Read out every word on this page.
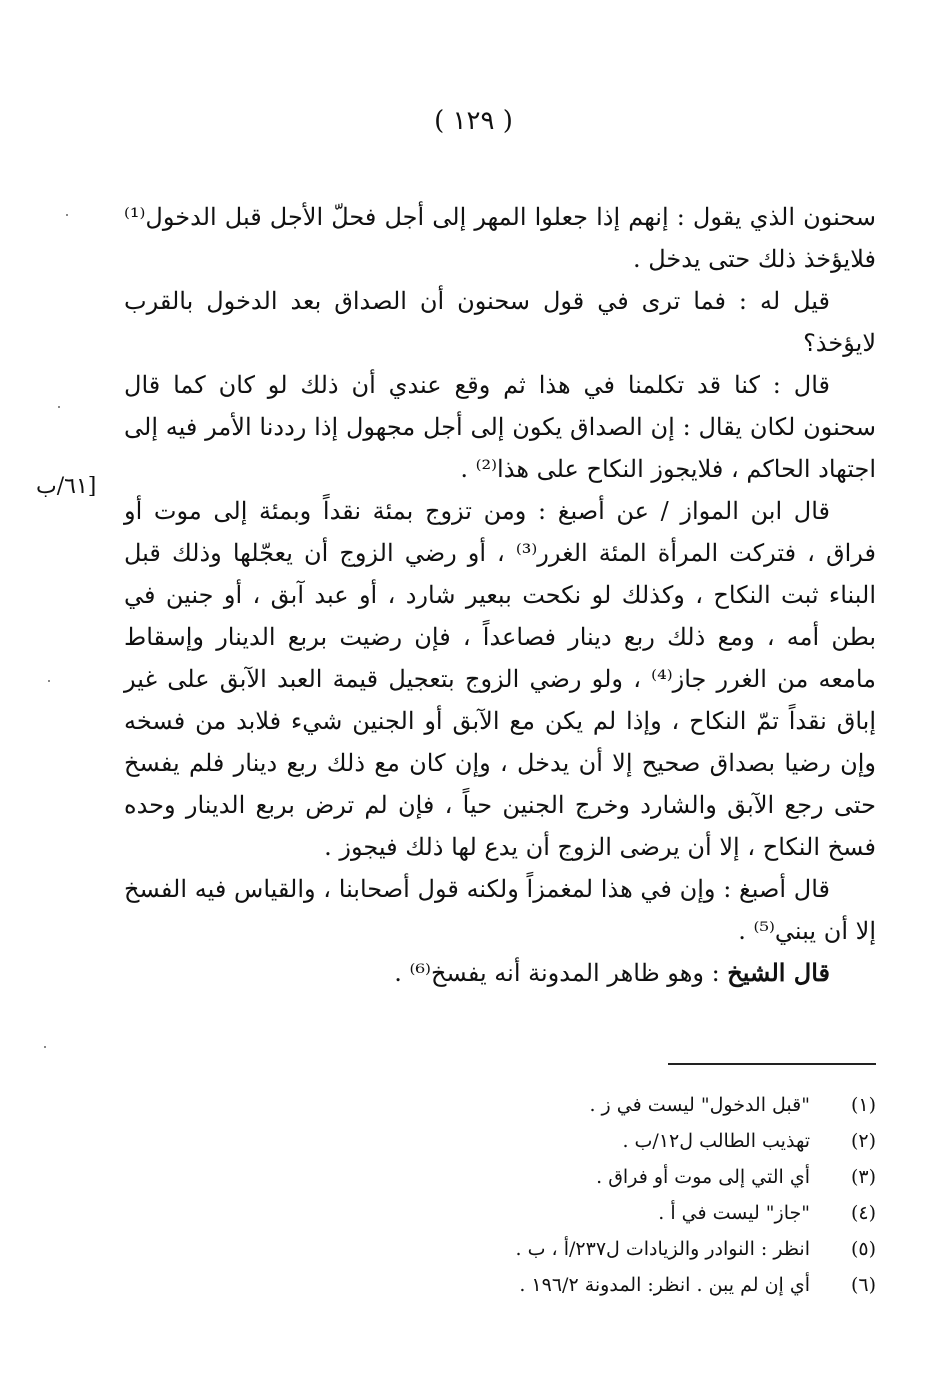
( ١٢٩ )
[٦١/ب

سحنون الذي يقول : إنهم إذا جعلوا المهر إلى أجل فحلّ الأجل قبل الدخول⁽¹⁾ فلايؤخذ ذلك حتى يدخل .

قيل له : فما ترى في قول سحنون أن الصداق بعد الدخول بالقرب لايؤخذ؟

قال : كنا قد تكلمنا في هذا ثم وقع عندي أن ذلك لو كان كما قال سحنون لكان يقال : إن الصداق يكون إلى أجل مجهول إذا رددنا الأمر فيه إلى اجتهاد الحاكم ، فلايجوز النكاح على هذا⁽²⁾ .

قال ابن المواز / عن أصبغ : ومن تزوج بمئة نقداً وبمئة إلى موت أو فراق ، فتركت المرأة المئة الغرر⁽³⁾ ، أو رضي الزوج أن يعجّلها وذلك قبل البناء ثبت النكاح ، وكذلك لو نكحت ببعير شارد ، أو عبد آبق ، أو جنين في بطن أمه ، ومع ذلك ربع دينار فصاعداً ، فإن رضيت بربع الدينار وإسقاط مامعه من الغرر جاز⁽⁴⁾ ، ولو رضي الزوج بتعجيل قيمة العبد الآبق على غير إباق نقداً تمّ النكاح ، وإذا لم يكن مع الآبق أو الجنين شيء فلابد من فسخه وإن رضيا بصداق صحيح إلا أن يدخل ، وإن كان مع ذلك ربع دينار فلم يفسخ حتى رجع الآبق والشارد وخرج الجنين حياً ، فإن لم ترض بربع الدينار وحده فسخ النكاح ، إلا أن يرضى الزوج أن يدع لها ذلك فيجوز .

قال أصبغ : وإن في هذا لمغمزاً ولكنه قول أصحابنا ، والقياس فيه الفسخ إلا أن يبني⁽⁵⁾ .

قال الشيخ : وهو ظاهر المدونة أنه يفسخ⁽⁶⁾ .

(١)
"قبل الدخول" ليست في ز .
(٢)
تهذيب الطالب ل١٢/ب .
(٣)
أي التي إلى موت أو فراق .
(٤)
"جاز" ليست في أ .
(٥)
انظر : النوادر والزيادات ل٢٣٧/أ ، ب .
(٦)
أي إن لم يبن . انظر: المدونة ١٩٦/٢ .
